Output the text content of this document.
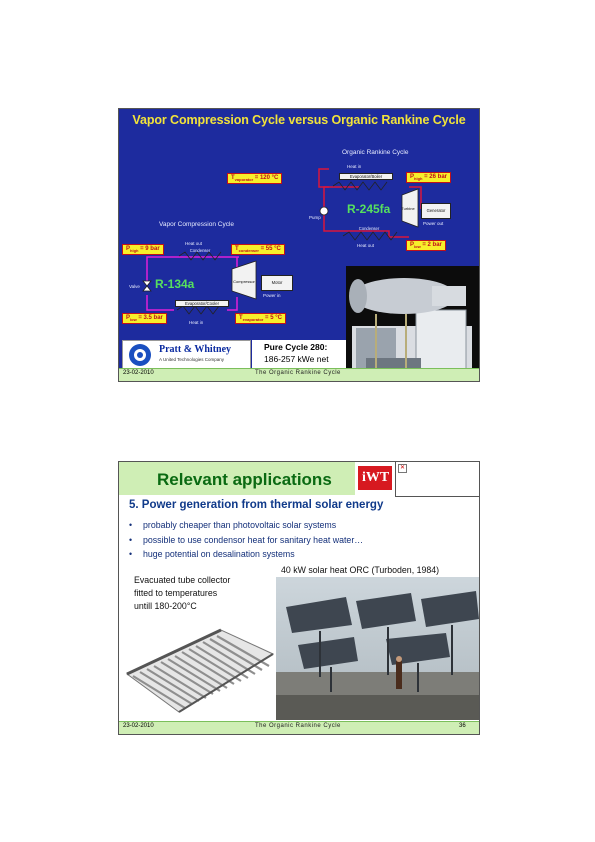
Vapor Compression Cycle versus Organic Rankine Cycle
Organic Rankine Cycle
Vapor Compression Cycle
Heat in
Evaporator/Boiler
Turbine	Generator
Power out
Pump
Condenser
Heat out
Heat out
Condenser
Valve
Compressor	Motor
Power in
Evaporator/Cooler
Heat in
R-245fa
R-134a
$T_{vaporator} = 120$ °C	$P_{high} = 26$ bar
$P_{low} = 2$ bar
$T_{condenser} = 55$ °C
$P_{high} = 9$ bar
$P_{low} = 3.5$ bar	$T_{evaporator} = 5$ °C
Pratt & Whitney
A United Technologies Company
Pure Cycle 280:
186-257 kWe net
23-02-2010	The Organic Rankine Cycle
Relevant applications iWT
✕
5. Power generation from thermal solar energy
• probably cheaper than photovoltaic solar systems
• possible to use condensor heat for sanitary heat water…
• huge potential on desalination systems
40 kW solar heat ORC (Turboden, 1984)
Evacuated tube collector
fitted to temperatures
untill 180-200°C
23-02-2010	The Organic Rankine Cycle	36
